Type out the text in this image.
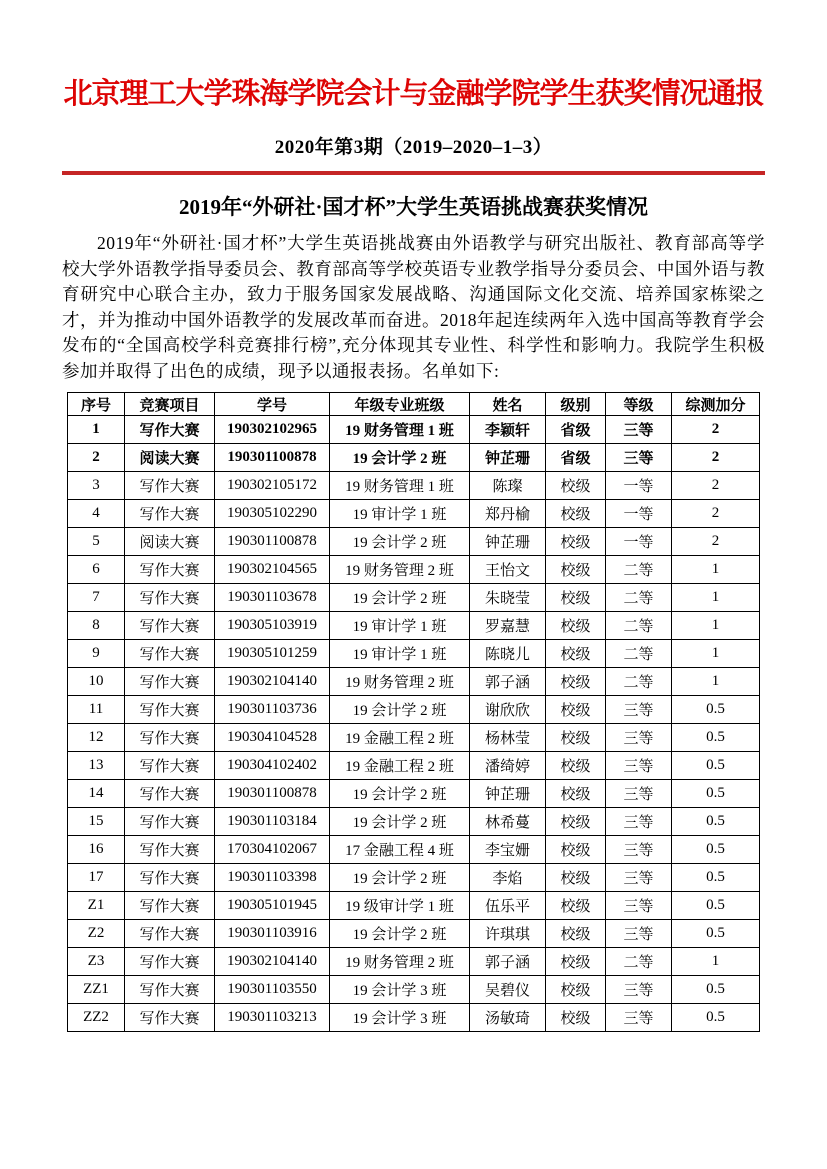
北京理工大学珠海学院会计与金融学院学生获奖情况通报
2020年第3期（2019–2020–1–3）
2019年“外研社·国才杯”大学生英语挑战赛获奖情况

2019年“外研社·国才杯”大学生英语挑战赛由外语教学与研究出版社、教育部高等学校大学外语教学指导委员会、教育部高等学校英语专业教学指导分委员会、中国外语与教育研究中心联合主办，致力于服务国家发展战略、沟通国际文化交流、培养国家栋梁之才，并为推动中国外语教学的发展改革而奋进。2018年起连续两年入选中国高等教育学会发布的“全国高校学科竞赛排行榜”,充分体现其专业性、科学性和影响力。我院学生积极参加并取得了出色的成绩，现予以通报表扬。名单如下:

序号	竞赛项目	学号	年级专业班级	姓名	级别	等级	综测加分
1	写作大赛	190302102965	19 财务管理 1 班	李颖轩	省级	三等	2
2	阅读大赛	190301100878	19 会计学 2 班	钟芷珊	省级	三等	2
3	写作大赛	190302105172	19 财务管理 1 班	陈璨	校级	一等	2
4	写作大赛	190305102290	19 审计学 1 班	郑丹榆	校级	一等	2
5	阅读大赛	190301100878	19 会计学 2 班	钟芷珊	校级	一等	2
6	写作大赛	190302104565	19 财务管理 2 班	王怡文	校级	二等	1
7	写作大赛	190301103678	19 会计学 2 班	朱晓莹	校级	二等	1
8	写作大赛	190305103919	19 审计学 1 班	罗嘉慧	校级	二等	1
9	写作大赛	190305101259	19 审计学 1 班	陈晓儿	校级	二等	1
10	写作大赛	190302104140	19 财务管理 2 班	郭子涵	校级	二等	1
11	写作大赛	190301103736	19 会计学 2 班	谢欣欣	校级	三等	0.5
12	写作大赛	190304104528	19 金融工程 2 班	杨林莹	校级	三等	0.5
13	写作大赛	190304102402	19 金融工程 2 班	潘绮婷	校级	三等	0.5
14	写作大赛	190301100878	19 会计学 2 班	钟芷珊	校级	三等	0.5
15	写作大赛	190301103184	19 会计学 2 班	林希蔓	校级	三等	0.5
16	写作大赛	170304102067	17 金融工程 4 班	李宝姗	校级	三等	0.5
17	写作大赛	190301103398	19 会计学 2 班	李焰	校级	三等	0.5
Z1	写作大赛	190305101945	19 级审计学 1 班	伍乐平	校级	三等	0.5
Z2	写作大赛	190301103916	19 会计学 2 班	许琪琪	校级	三等	0.5
Z3	写作大赛	190302104140	19 财务管理 2 班	郭子涵	校级	二等	1
ZZ1	写作大赛	190301103550	19 会计学 3 班	吴碧仪	校级	三等	0.5
ZZ2	写作大赛	190301103213	19 会计学 3 班	汤敏琦	校级	三等	0.5
